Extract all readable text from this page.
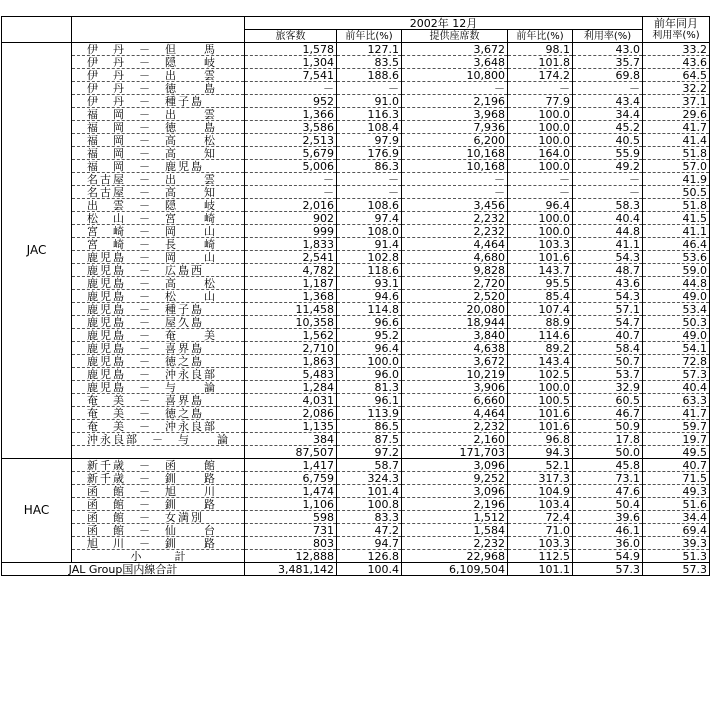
		2002年 12月					前年同月
		旅客数	前年比(%)	提供座席数	前年比(%)	利用率(%)	利用率(%)
JAC	伊　丹　－　但　　馬	1,578	127.1	3,672	98.1	43.0	33.2
	伊　丹　－　隠　　岐	1,304	83.5	3,648	101.8	35.7	43.6
	伊　丹　－　出　　雲	7,541	188.6	10,800	174.2	69.8	64.5
	伊　丹　－　徳　　島	－	－	－	－	－	32.2
	伊　丹　－　種子島	952	91.0	2,196	77.9	43.4	37.1
	福　岡　－　出　　雲	1,366	116.3	3,968	100.0	34.4	29.6
	福　岡　－　徳　　島	3,586	108.4	7,936	100.0	45.2	41.7
	福　岡　－　高　　松	2,513	97.9	6,200	100.0	40.5	41.4
	福　岡　－　高　　知	5,679	176.9	10,168	164.0	55.9	51.8
	福　岡　－　鹿児島	5,006	86.3	10,168	100.0	49.2	57.0
	名古屋　－　出　　雲	－	－	－	－	－	41.9
	名古屋　－　高　　知	－	－	－	－	－	50.5
	出　雲　－　隠　　岐	2,016	108.6	3,456	96.4	58.3	51.8
	松　山　－　宮　　崎	902	97.4	2,232	100.0	40.4	41.5
	宮　崎　－　岡　　山	999	108.0	2,232	100.0	44.8	41.1
	宮　崎　－　長　　崎	1,833	91.4	4,464	103.3	41.1	46.4
	鹿児島　－　岡　　山	2,541	102.8	4,680	101.6	54.3	53.6
	鹿児島　－　広島西	4,782	118.6	9,828	143.7	48.7	59.0
	鹿児島　－　高　　松	1,187	93.1	2,720	95.5	43.6	44.8
	鹿児島　－　松　　山	1,368	94.6	2,520	85.4	54.3	49.0
	鹿児島　－　種子島	11,458	114.8	20,080	107.4	57.1	53.4
	鹿児島　－　屋久島	10,358	96.6	18,944	88.9	54.7	50.3
	鹿児島　－　奄　　美	1,562	95.2	3,840	114.6	40.7	49.0
	鹿児島　－　喜界島	2,710	96.4	4,638	89.2	58.4	54.1
	鹿児島　－　徳之島	1,863	100.0	3,672	143.4	50.7	72.8
	鹿児島　－　沖永良部	5,483	96.0	10,219	102.5	53.7	57.3
	鹿児島　－　与　　論	1,284	81.3	3,906	100.0	32.9	40.4
	奄　美　－　喜界島	4,031	96.1	6,660	100.5	60.5	63.3
	奄　美　－　徳之島	2,086	113.9	4,464	101.6	46.7	41.7
	奄　美　－　沖永良部	1,135	86.5	2,232	101.6	50.9	59.7
	沖永良部　－　与　　論	384	87.5	2,160	96.8	17.8	19.7
		87,507	97.2	171,703	94.3	50.0	49.5
HAC	新千歳　－　函　　館	1,417	58.7	3,096	52.1	45.8	40.7
	新千歳　－　釧　　路	6,759	324.3	9,252	317.3	73.1	71.5
	函　館　－　旭　　川	1,474	101.4	3,096	104.9	47.6	49.3
	函　館　－　釧　　路	1,106	100.8	2,196	103.4	50.4	51.6
	函　館　－　女満別	598	83.3	1,512	72.4	39.6	34.4
	函　館　－　仙　　台	731	47.2	1,584	71.0	46.1	69.4
	旭　川　－　釧　　路	803	94.7	2,232	103.3	36.0	39.3
	小　　　計	12,888	126.8	22,968	112.5	54.9	51.3
JAL Group国内線合計		3,481,142	100.4	6,109,504	101.1	57.3	57.3
